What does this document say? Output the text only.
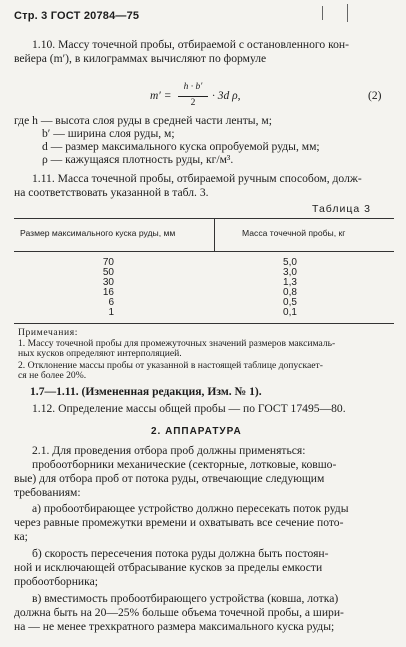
Стр. 3 ГОСТ 20784—75
1.10. Массу точечной пробы, отбираемой с остановленного кон-
вейера (m′), в килограммах вычисляют по формуле
m′ =
h · b′
2
· 3d ρ,	(2)
где h — высота слоя руды в средней части ленты, м;
b′ — ширина слоя руды, м;
d — размер максимального куска опробуемой руды, мм;
ρ — кажущаяся плотность руды, кг/м³.
1.11. Масса точечной пробы, отбираемой ручным способом, долж-
на соответствовать указанной в табл. 3.
Таблица 3
Размер максимального куска руды, мм	Масса точечной пробы, кг
70
50
30
16
6
1
5,0
3,0
1,3
0,8
0,5
0,1
Примечания:
1. Массу точечной пробы для промежуточных значений размеров максималь-
ных кусков определяют интерполяцией.
2. Отклонение массы пробы от указанной в настоящей таблице допускает-
ся не более 20%.
1.7—1.11. (Измененная редакция, Изм. № 1).
1.12. Определение массы общей пробы — по ГОСТ 17495—80.
2. АППАРАТУРА
2.1. Для проведения отбора проб должны применяться:
пробоотборники механические (секторные, лотковые, ковшо-
вые) для отбора проб от потока руды, отвечающие следующим
требованиям:
а) пробоотбирающее устройство должно пересекать поток руды
через равные промежутки времени и охватывать все сечение пото-
ка;
б) скорость пересечения потока руды должна быть постоян-
ной и исключающей отбрасывание кусков за пределы емкости
пробоотборника;
в) вместимость пробоотбирающего устройства (ковша, лотка)
должна быть на 20—25% больше объема точечной пробы, а шири-
на — не менее трехкратного размера максимального куска руды;
